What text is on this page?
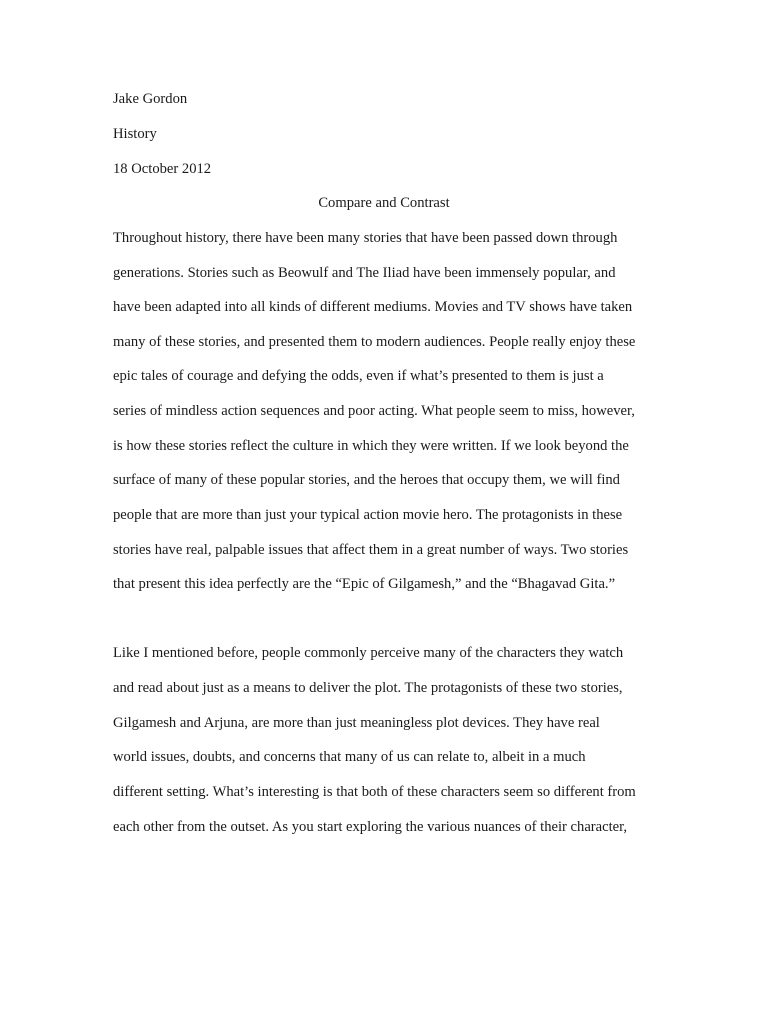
Jake Gordon
History
18 October 2012
Compare and Contrast
Throughout history, there have been many stories that have been passed down through
generations. Stories such as Beowulf and The Iliad have been immensely popular, and
have been adapted into all kinds of different mediums. Movies and TV shows have taken
many of these stories, and presented them to modern audiences. People really enjoy these
epic tales of courage and defying the odds, even if what’s presented to them is just a
series of mindless action sequences and poor acting. What people seem to miss, however,
is how these stories reflect the culture in which they were written. If we look beyond the
surface of many of these popular stories, and the heroes that occupy them, we will find
people that are more than just your typical action movie hero. The protagonists in these
stories have real, palpable issues that affect them in a great number of ways. Two stories
that present this idea perfectly are the “Epic of Gilgamesh,” and the “Bhagavad Gita.”
Like I mentioned before, people commonly perceive many of the characters they watch
and read about just as a means to deliver the plot. The protagonists of these two stories,
Gilgamesh and Arjuna, are more than just meaningless plot devices. They have real
world issues, doubts, and concerns that many of us can relate to, albeit in a much
different setting. What’s interesting is that both of these characters seem so different from
each other from the outset. As you start exploring the various nuances of their character,
